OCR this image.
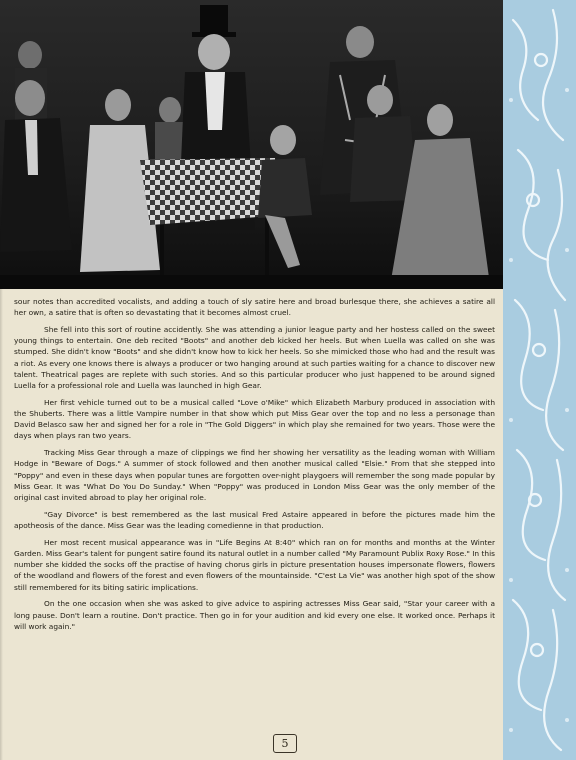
sour notes than accredited vocalists, and adding a touch of sly satire here and broad burlesque there, she achieves a satire all her own, a satire that is often so devastating that it becomes almost cruel.

She fell into this sort of routine accidently. She was attending a junior league party and her hostess called on the sweet young things to entertain. One deb recited "Boots" and another deb kicked her heels. But when Luella was called on she was stumped. She didn't know "Boots" and she didn't know how to kick her heels. So she mimicked those who had and the result was a riot. As every one knows there is always a producer or two hanging around at such parties waiting for a chance to discover new talent. Theatrical pages are replete with such stories. And so this particular producer who just happened to be around signed Luella for a professional role and Luella was launched in high Gear.

Her first vehicle turned out to be a musical called "Love o'Mike" which Elizabeth Marbury produced in association with the Shuberts. There was a little Vampire number in that show which put Miss Gear over the top and no less a personage than David Belasco saw her and signed her for a role in "The Gold Diggers" in which play she remained for two years. Those were the days when plays ran two years.

Tracking Miss Gear through a maze of clippings we find her showing her versatility as the leading woman with William Hodge in "Beware of Dogs." A summer of stock followed and then another musical called "Elsie." From that she stepped into "Poppy" and even in these days when popular tunes are forgotten over-night playgoers will remember the song made popular by Miss Gear. It was "What Do You Do Sunday." When "Poppy" was produced in London Miss Gear was the only member of the original cast invited abroad to play her original role.

"Gay Divorce" is best remembered as the last musical Fred Astaire appeared in before the pictures made him the apotheosis of the dance. Miss Gear was the leading comedienne in that production.

Her most recent musical appearance was in "Life Begins At 8:40" which ran on for months and months at the Winter Garden. Miss Gear's talent for pungent satire found its natural outlet in a number called "My Paramount Publix Roxy Rose." In this number she kidded the socks off the practise of having chorus girls in picture presentation houses impersonate flowers, flowers of the woodland and flowers of the forest and even flowers of the mountainside. "C'est La Vie" was another high spot of the show still remembered for its biting satiric implications.

On the one occasion when she was asked to give advice to aspiring actresses Miss Gear said, "Star your career with a long pause. Don't learn a routine. Don't practice. Then go in for your audition and kid every one else. It worked once. Perhaps it will work again."

5
